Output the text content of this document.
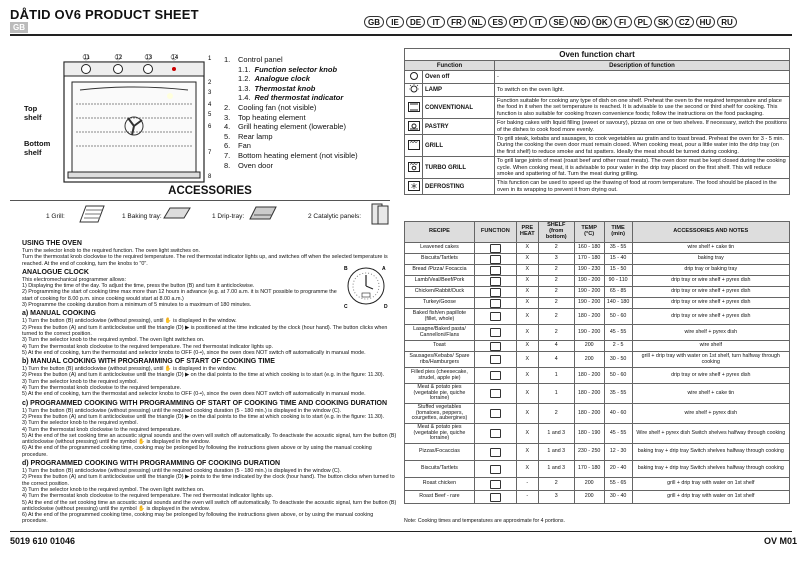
DÅTID OV6 PRODUCT SHEET
GB
GB	IE	DE	IT	FR	NL	ES	PT	IT	SE	NO	DK	FI	PL	SK	CZ	HU	RU
11	12	13	14	1
2
3
4
5
6
7
8
Top shelf
Bottom shelf
1.	Control panel
1.1. Function selector knob
1.2. Analogue clock
1.3. Thermostat knob
1.4. Red thermostat indicator
2.	Cooling fan (not visible)
3.	Top heating element
4.	Grill heating element (lowerable)
5.	Rear lamp
6.	Fan
7.	Bottom heating element (not visible)
8.	Oven door
ACCESSORIES
1 Grill:	1 Baking tray:	1 Drip-tray:	2 Catalytic panels:
A
B
C	D
USING THE OVEN

Turn the selector knob to the required function. The oven light switches on.

Turn the thermostat knob clockwise to the required temperature. The red thermostat indicator lights up, and switches off when the selected temperature is reached. At the end of cooking, turn the knobs to "0".

ANALOGUE CLOCK

This electromechanical programmer allows:

1) Displaying the time of the day. To adjust the time, press the button (B) and turn it anticlockwise.

2) Programming the start of cooking time max more than 12 hours in advance (e.g. at 7.00 a.m. it is NOT possible to programme the start of cooking for 8.00 p.m. since cooking would start at 8.00 a.m.)

3) Programme the cooking duration from a minimum of 5 minutes to a maximum of 180 minutes.

a) MANUAL COOKING

1) Turn the button (B) anticlockwise (without pressing), until ✋ is displayed in the window.

2) Press the button (A) and turn it anticlockwise until the triangle (D) ▶ is positioned at the time indicated by the clock (hour hand). The button clicks when turned to the correct position.

3) Turn the selector knob to the required symbol. The oven light switches on.

4) Turn the thermostat knob clockwise to the required temperature. The red thermostat indicator lights up.

5) At the end of cooking, turn the thermostat and selector knobs to OFF (0-•), since the oven does NOT switch off automatically in manual mode.

b) MANUAL COOKING WITH PROGRAMMING OF START OF COOKING TIME

1) Turn the button (B) anticlockwise (without pressing), until ✋ is displayed in the window.

2) Press the button (A) and turn it anticlockwise until the triangle (D) ▶ on the dial points to the time at which cooking is to start (e.g. in the figure: 11.30).

3) Turn the selector knob to the required symbol.

4) Turn the thermostat knob clockwise to the required temperature.

5) At the end of cooking, turn the thermostat and selector knobs to OFF (0-•), since the oven does NOT switch off automatically in manual mode.

c) PROGRAMMED COOKING WITH PROGRAMMING OF START OF COOKING TIME AND COOKING DURATION

1) Turn the button (B) anticlockwise (without pressing) until the required cooking duration (5 - 180 min.) is displayed in the window (C).

2) Press the button (A) and turn it anticlockwise until the triangle (D) ▶ on the dial points to the time at which cooking is to start (e.g. in the figure: 11.30).

3) Turn the selector knob to the required symbol.

4) Turn the thermostat knob clockwise to the required temperature.

5) At the end of the set cooking time an acoustic signal sounds and the oven will switch off automatically. To deactivate the acoustic signal, turn the button (B) anticlockwise (without pressing) until the symbol ✋ is displayed in the window.

6) At the end of the programmed cooking time, cooking may be prolonged by following the instructions given above or by using the manual cooking procedure.

d) PROGRAMMED COOKING WITH PROGRAMMING OF COOKING DURATION

1) Turn the button (B) anticlockwise (without pressing) until the required cooking duration (5 - 180 min.) is displayed in the window (C).

2) Press the button (A) and turn it anticlockwise until the triangle (D) ▶ points to the time indicated by the clock (hour hand). The button clicks when turned to the correct position.

3) Turn the selector knob to the required symbol. The oven light switches on.

4) Turn the thermostat knob clockwise to the required temperature. The red thermostat indicator lights up.

5) At the end of the set cooking time an acoustic signal sounds and the oven will switch off automatically. To deactivate the acoustic signal, turn the button (B) anticlockwise (without pressing) until the symbol ✋ is displayed in the window.

6) At the end of the programmed cooking time, cooking may be prolonged by following the instructions given above, or by using the manual cooking procedure.

5019 610 01046	OV M01
Oven function chart		
Function		Description of function
	Oven off	-
	LAMP	To switch on the oven light.
	CONVENTIONAL	Function suitable for cooking any type of dish on one shelf. Preheat the oven to the required temperature and place the food in it when the set temperature is reached. It is advisable to use the second or third shelf for cooking. This function is also suitable for cooking frozen convenience foods; follow the instructions on the food packaging.
	PASTRY	For baking cakes with liquid filling (sweet or savoury), pizzas on one or two shelves. If necessary, switch the positions of the dishes to cook food more evenly.
	GRILL	To grill steak, kebabs and sausages, to cook vegetables au gratin and to toast bread. Preheat the oven for 3 - 5 min. During the cooking the oven door must remain closed. When cooking meat, pour a little water into the drip tray (on the first shelf) to reduce smoke and fat spatters. Ideally the meat should be turned during cooking.
	TURBO GRILL	To grill large joints of meat (roast beef and other roast meats). The oven door must be kept closed during the cooking cycle. When cooking meat, it is advisable to pour water in the drip tray placed on the first shelf. This will reduce smoke and spattering of fat. Turn the meat during grilling.
	DEFROSTING	This function can be used to speed up the thawing of food at room temperature. The food should be placed in the oven in its wrapping to prevent it from drying out.
RECIPE	FUNCTION	PRE HEAT	SHELF (from bottom)	TEMP (°C)	TIME (min)	ACCESSORIES AND NOTES
Leavened cakes		X	2	160 - 180	35 - 55	wire shelf + cake tin
Biscuits/Tartlets		X	3	170 - 180	15 - 40	baking tray
Bread /Pizza/ Focaccia		X	2	190 - 230	15 - 50	drip tray or baking tray
Lamb/Veal/Beef/Pork		X	2	190 - 200	90 - 110	drip tray or wire shelf + pyrex dish
Chicken/Rabbit/Duck		X	2	190 - 200	65 - 85	drip tray or wire shelf + pyrex dish
Turkey/Goose		X	2	190 - 200	140 - 180	drip tray or wire shelf + pyrex dish
Baked fish/en papillote (fillet, whole)		X	2	180 - 200	50 - 60	drip tray or wire shelf + pyrex dish
Lasagne/Baked pasta/ Cannelloni/Flans		X	2	190 - 200	45 - 55	wire shelf + pyrex dish
Toast		X	4	200	2 - 5	wire shelf
Sausages/Kebabs/ Spare ribs/Hamburgers		X	4	200	30 - 50	grill + drip tray with water on 1st shelf, turn halfway through cooking
Filled pies (cheesecake, strudel, apple pie)		X	1	180 - 200	50 - 60	drip tray or wire shelf + pyrex dish
Meat & potato pies (vegetable pie, quiche lorraine)		X	1	180 - 200	35 - 55	wire shelf + cake tin
Stuffed vegetables (tomatoes, peppers, courgettes, aubergines)		X	2	180 - 200	40 - 60	wire shelf + pyrex dish
Meat & potato pies (vegetable pie, quiche lorraine)		X	1 and 3	180 - 190	45 - 55	Wire shelf + pyrex dish Switch shelves halfway through cooking
Pizzas/Focaccias		X	1 and 3	230 - 250	12 - 30	baking tray + drip tray Switch shelves halfway through cooking
Biscuits/Tartlets		X	1 and 3	170 - 180	20 - 40	baking tray + drip tray Switch shelves halfway through cooking
Roast chicken		-	2	200	55 - 65	grill + drip tray with water on 1st shelf
Roast Beef - rare		-	3	200	30 - 40	grill + drip tray with water on 1st shelf
Note: Cooking times and temperatures are approximate for 4 portions.
